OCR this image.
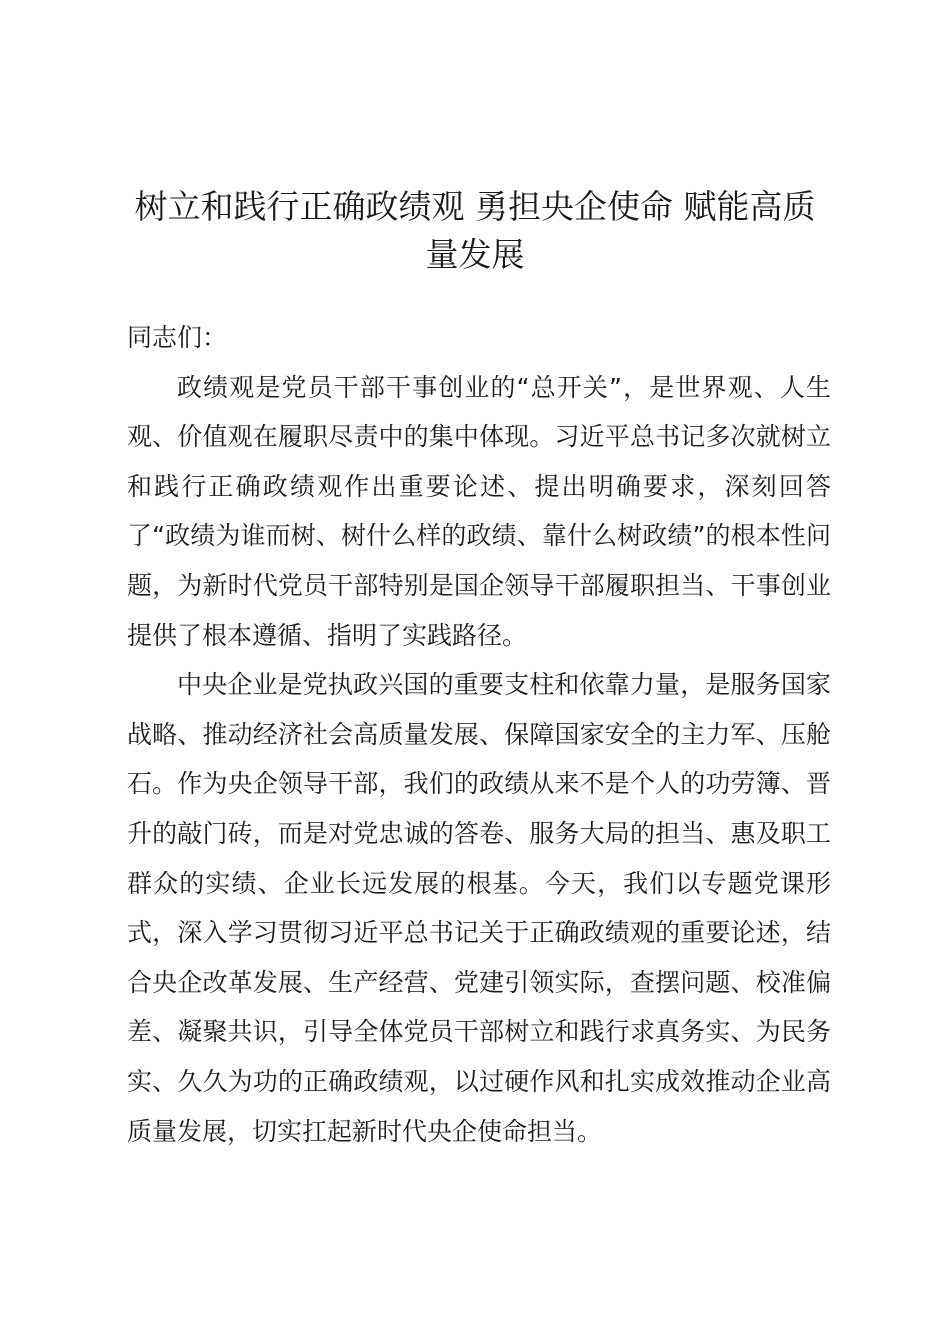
树立和践行正确政绩观 勇担央企使命 赋能高质量发展

同志们：

政绩观是党员干部干事创业的“总开关”，是世界观、人生观、价值观在履职尽责中的集中体现。习近平总书记多次就树立和践行正确政绩观作出重要论述、提出明确要求，深刻回答了“政绩为谁而树、树什么样的政绩、靠什么树政绩”的根本性问题，为新时代党员干部特别是国企领导干部履职担当、干事创业提供了根本遵循、指明了实践路径。

中央企业是党执政兴国的重要支柱和依靠力量，是服务国家战略、推动经济社会高质量发展、保障国家安全的主力军、压舱石。作为央企领导干部，我们的政绩从来不是个人的功劳簿、晋升的敲门砖，而是对党忠诚的答卷、服务大局的担当、惠及职工群众的实绩、企业长远发展的根基。今天，我们以专题党课形式，深入学习贯彻习近平总书记关于正确政绩观的重要论述，结合央企改革发展、生产经营、党建引领实际，查摆问题、校准偏差、凝聚共识，引导全体党员干部树立和践行求真务实、为民务实、久久为功的正确政绩观，以过硬作风和扎实成效推动企业高质量发展，切实扛起新时代央企使命担当。
